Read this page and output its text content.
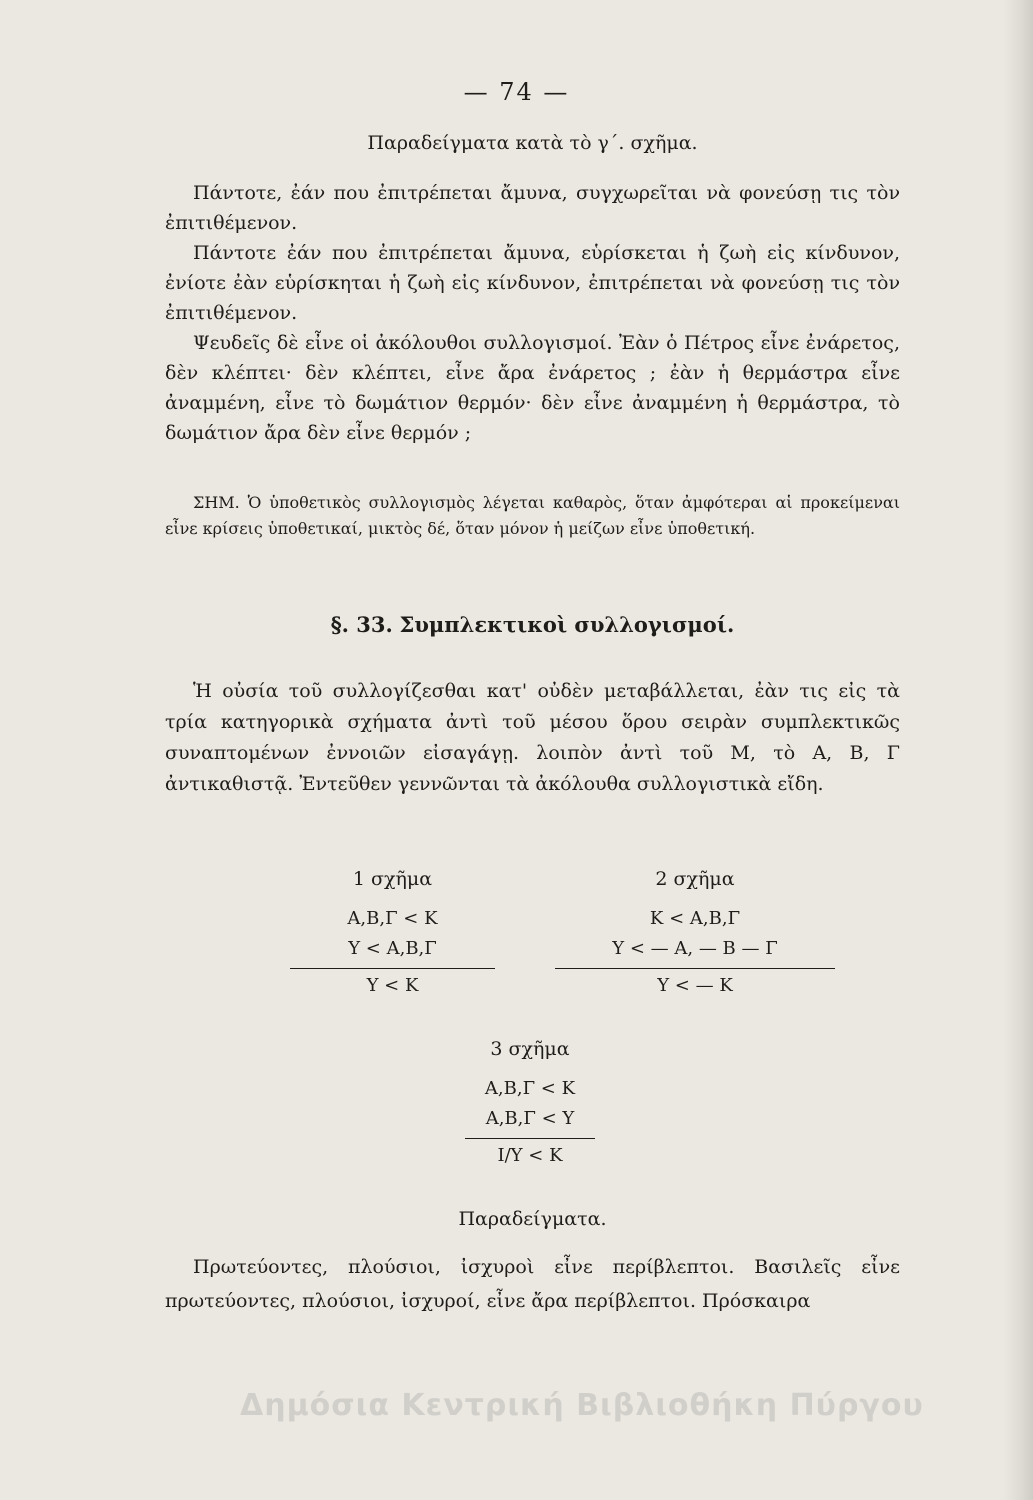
— 74 —
Παραδείγματα κατὰ τὸ γ΄. σχῆμα.

Πάντοτε, ἐάν που ἐπιτρέπεται ἄμυνα, συγχωρεῖται νὰ φονεύσῃ τις τὸν ἐπιτιθέμενον.

Πάντοτε ἐάν που ἐπιτρέπεται ἄμυνα, εὑρίσκεται ἡ ζωὴ εἰς κίνδυνον, ἐνίοτε ἐὰν εὑρίσκηται ἡ ζωὴ εἰς κίνδυνον, ἐπιτρέπεται νὰ φονεύσῃ τις τὸν ἐπιτιθέμενον.

Ψευδεῖς δὲ εἶνε οἱ ἀκόλουθοι συλλογισμοί. Ἐὰν ὁ Πέτρος εἶνε ἐνάρετος, δὲν κλέπτει· δὲν κλέπτει, εἶνε ἄρα ἐνάρετος ; ἐὰν ἡ θερμάστρα εἶνε ἀναμμένη, εἶνε τὸ δωμάτιον θερμόν· δὲν εἶνε ἀναμμένη ἡ θερμάστρα, τὸ δωμάτιον ἄρα δὲν εἶνε θερμόν ;

ΣΗΜ. Ὁ ὑποθετικὸς συλλογισμὸς λέγεται καθαρὸς, ὅταν ἀμφότεραι αἱ προκείμεναι εἶνε κρίσεις ὑποθετικαί, μικτὸς δέ, ὅταν μόνον ἡ μείζων εἶνε ὑποθετική.
§. 33. Συμπλεκτικοὶ συλλογισμοί.
Ἡ οὐσία τοῦ συλλογίζεσθαι κατ' οὐδὲν μεταβάλλεται, ἐὰν τις εἰς τὰ τρία κατηγορικὰ σχήματα ἀντὶ τοῦ μέσου ὅρου σειρὰν συμπλεκτικῶς συναπτομένων ἐννοιῶν εἰσαγάγῃ. λοιπὸν ἀντὶ τοῦ Μ, τὸ Α, Β, Γ ἀντικαθιστᾷ. Ἐντεῦθεν γεννῶνται τὰ ἀκόλουθα συλλογιστικὰ εἴδη.
1 σχῆμα
Α,Β,Γ < Κ
Υ < Α,Β,Γ
Υ < Κ
2 σχῆμα
Κ < Α,Β,Γ
Υ < — Α, — Β — Γ
Υ < — Κ
3 σχῆμα
Α,Β,Γ < Κ
Α,Β,Γ < Υ
Ι/Υ < Κ
Παραδείγματα.
Πρωτεύοντες, πλούσιοι, ἰσχυροὶ εἶνε περίβλεπτοι. Βασιλεῖς εἶνε πρωτεύοντες, πλούσιοι, ἰσχυροί, εἶνε ἄρα περίβλεπτοι. Πρόσκαιρα
Δημόσια Κεντρική Βιβλιοθήκη Πύργου
